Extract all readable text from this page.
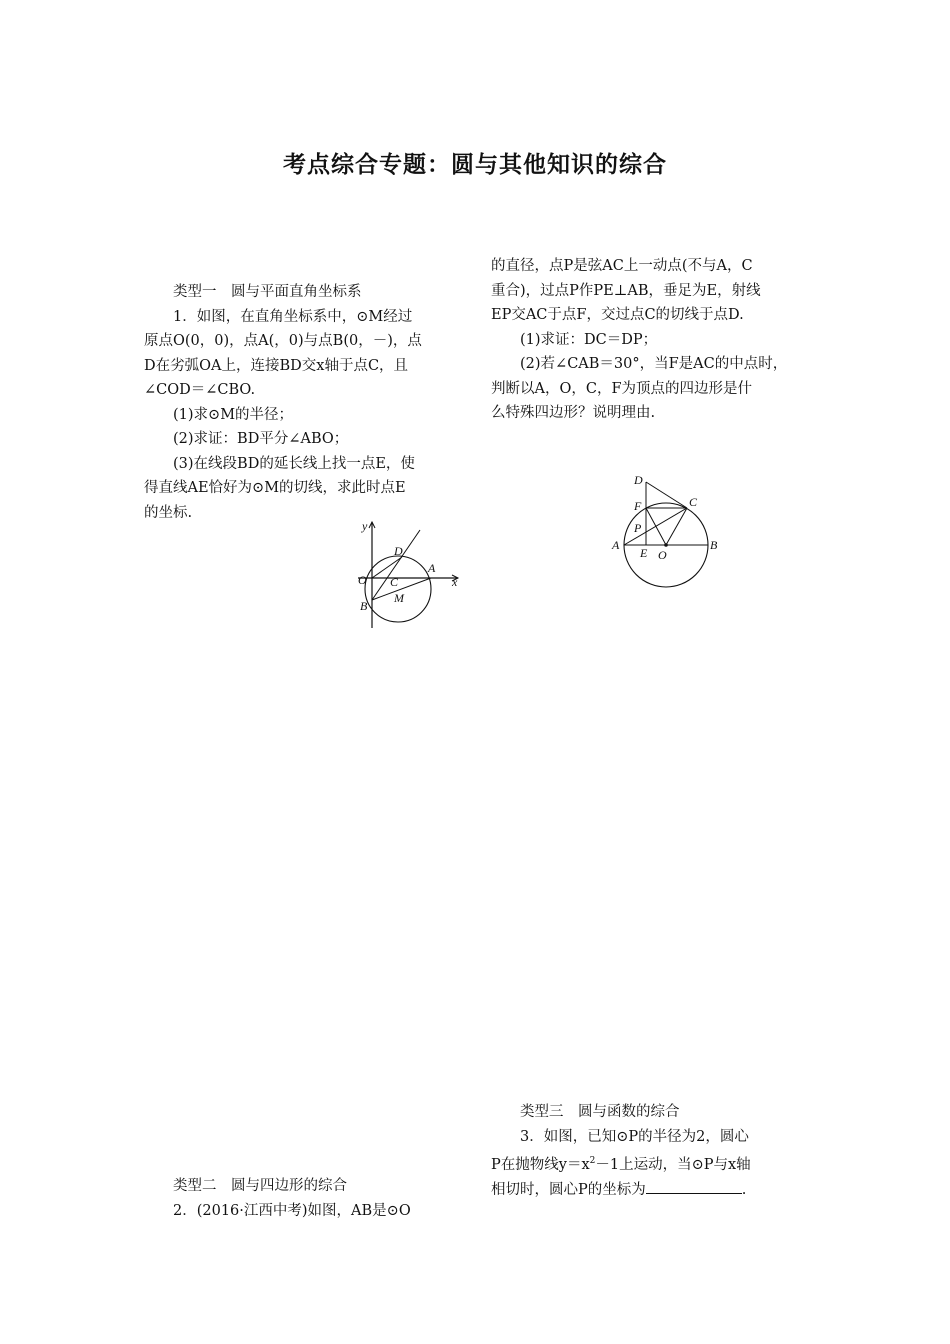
考点综合专题：圆与其他知识的综合

类型一　圆与平面直角坐标系

1．如图，在直角坐标系中，⊙M经过

原点O(0，0)，点A(，0)与点B(0，－)，点

D在劣弧OA上，连接BD交x轴于点C，且

∠COD＝∠CBO.

(1)求⊙M的半径；

(2)求证：BD平分∠ABO；

(3)在线段BD的延长线上找一点E，使

得直线AE恰好为⊙M的切线，求此时点E

的坐标.

y
D
O C
A
x
M
B

类型二　圆与四边形的综合

2．(2016·江西中考)如图，AB是⊙O

的直径，点P是弦AC上一动点(不与A，C

重合)，过点P作PE⊥AB，垂足为E，射线

EP交AC于点F，交过点C的切线于点D.

(1)求证：DC＝DP；

(2)若∠CAB＝30°，当F是AC的中点时，

判断以A，O，C，F为顶点的四边形是什

么特殊四边形？说明理由.

D
F	C
P
A
E O
B

类型三　圆与函数的综合

3．如图，已知⊙P的半径为2，圆心

P在抛物线$y=x^2-1$上运动，当⊙P与x轴

相切时，圆心P的坐标为	.
